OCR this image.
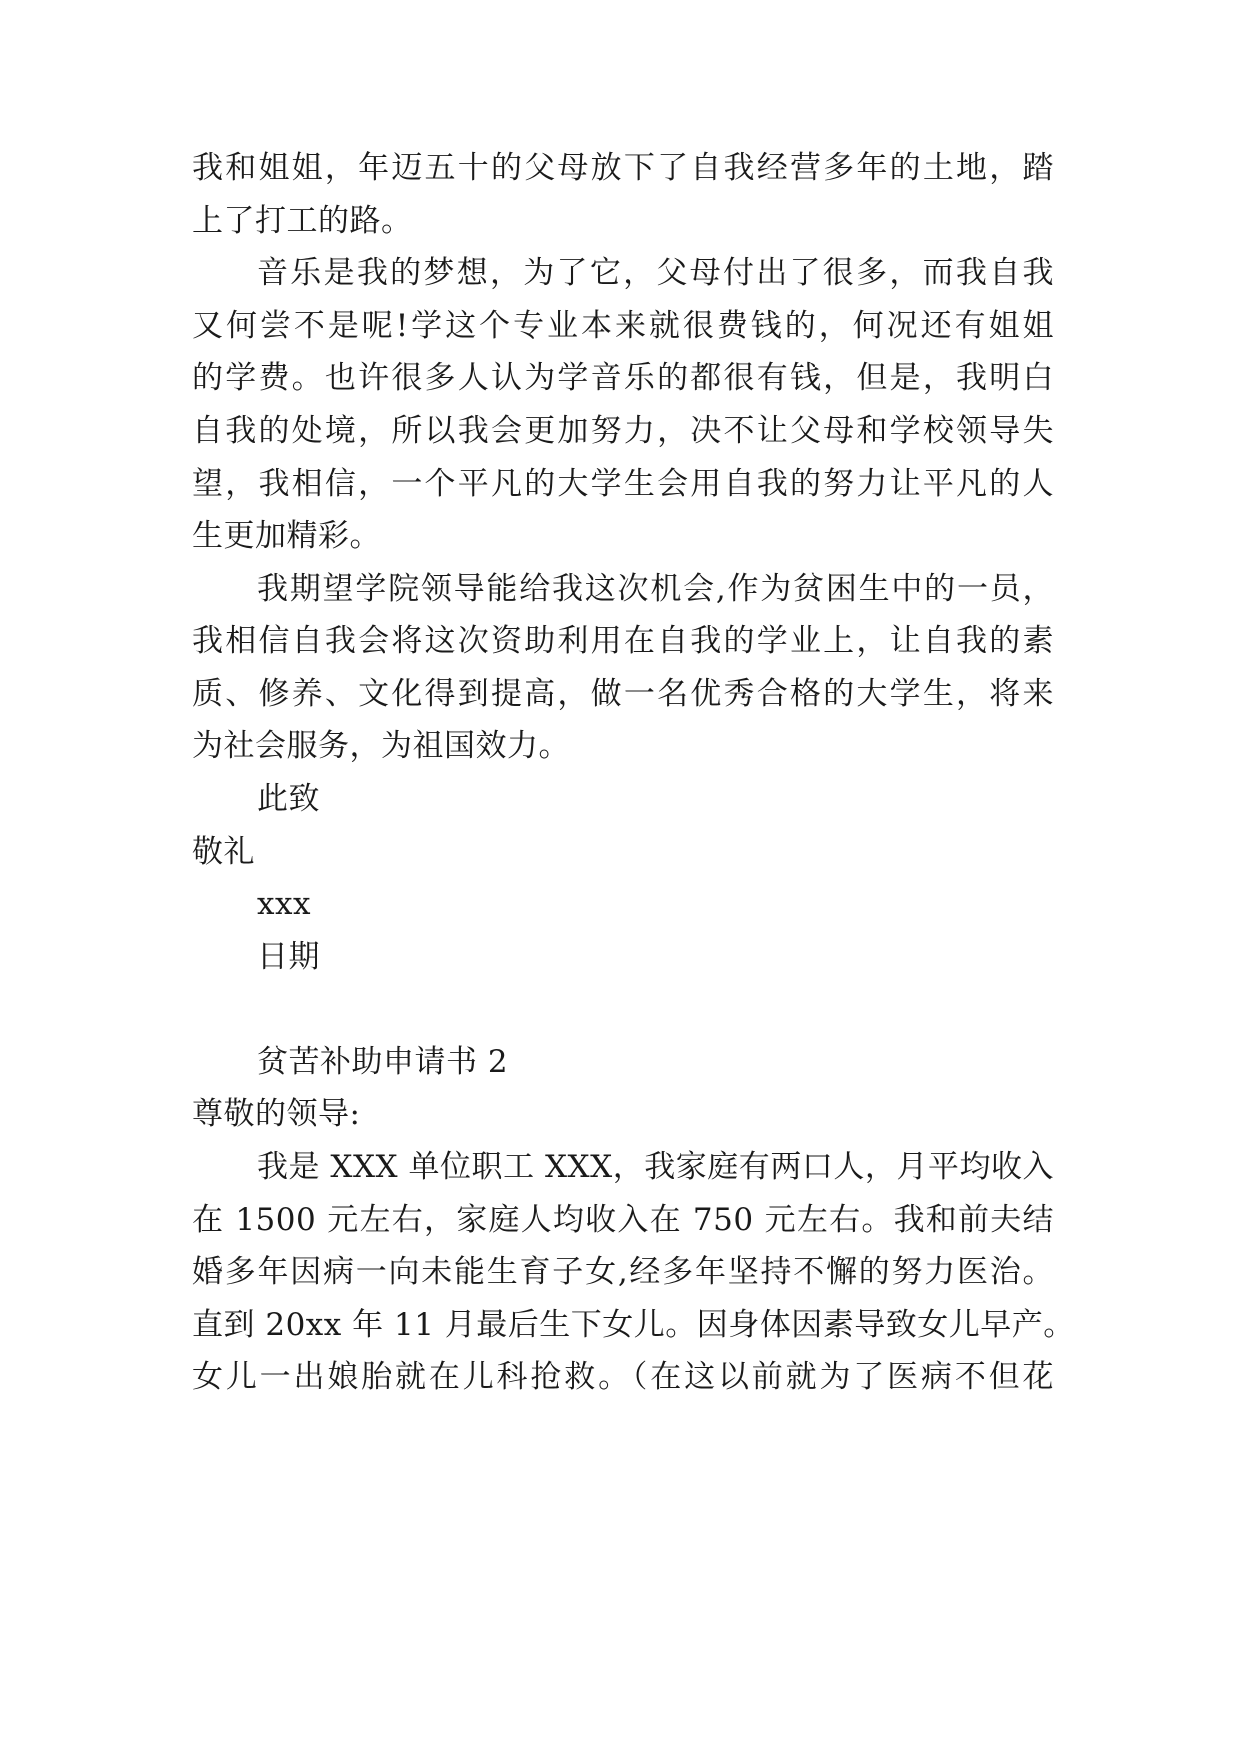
我和姐姐，年迈五十的父母放下了自我经营多年的土地，踏
上了打工的路。
音乐是我的梦想，为了它，父母付出了很多，而我自我
又何尝不是呢!学这个专业本来就很费钱的，何况还有姐姐
的学费。也许很多人认为学音乐的都很有钱，但是，我明白
自我的处境，所以我会更加努力，决不让父母和学校领导失
望，我相信，一个平凡的大学生会用自我的努力让平凡的人
生更加精彩。
我期望学院领导能给我这次机会,作为贫困生中的一员，
我相信自我会将这次资助利用在自我的学业上，让自我的素
质、修养、文化得到提高，做一名优秀合格的大学生，将来
为社会服务，为祖国效力。
此致
敬礼
xxx
日期
贫苦补助申请书 2
尊敬的领导:
我是 XXX 单位职工 XXX，我家庭有两口人，月平均收入
在 1500 元左右，家庭人均收入在 750 元左右。我和前夫结
婚多年因病一向未能生育子女,经多年坚持不懈的努力医治。
直到 20xx 年 11 月最后生下女儿。因身体因素导致女儿早产。
女儿一出娘胎就在儿科抢救。（在这以前就为了医病不但花
